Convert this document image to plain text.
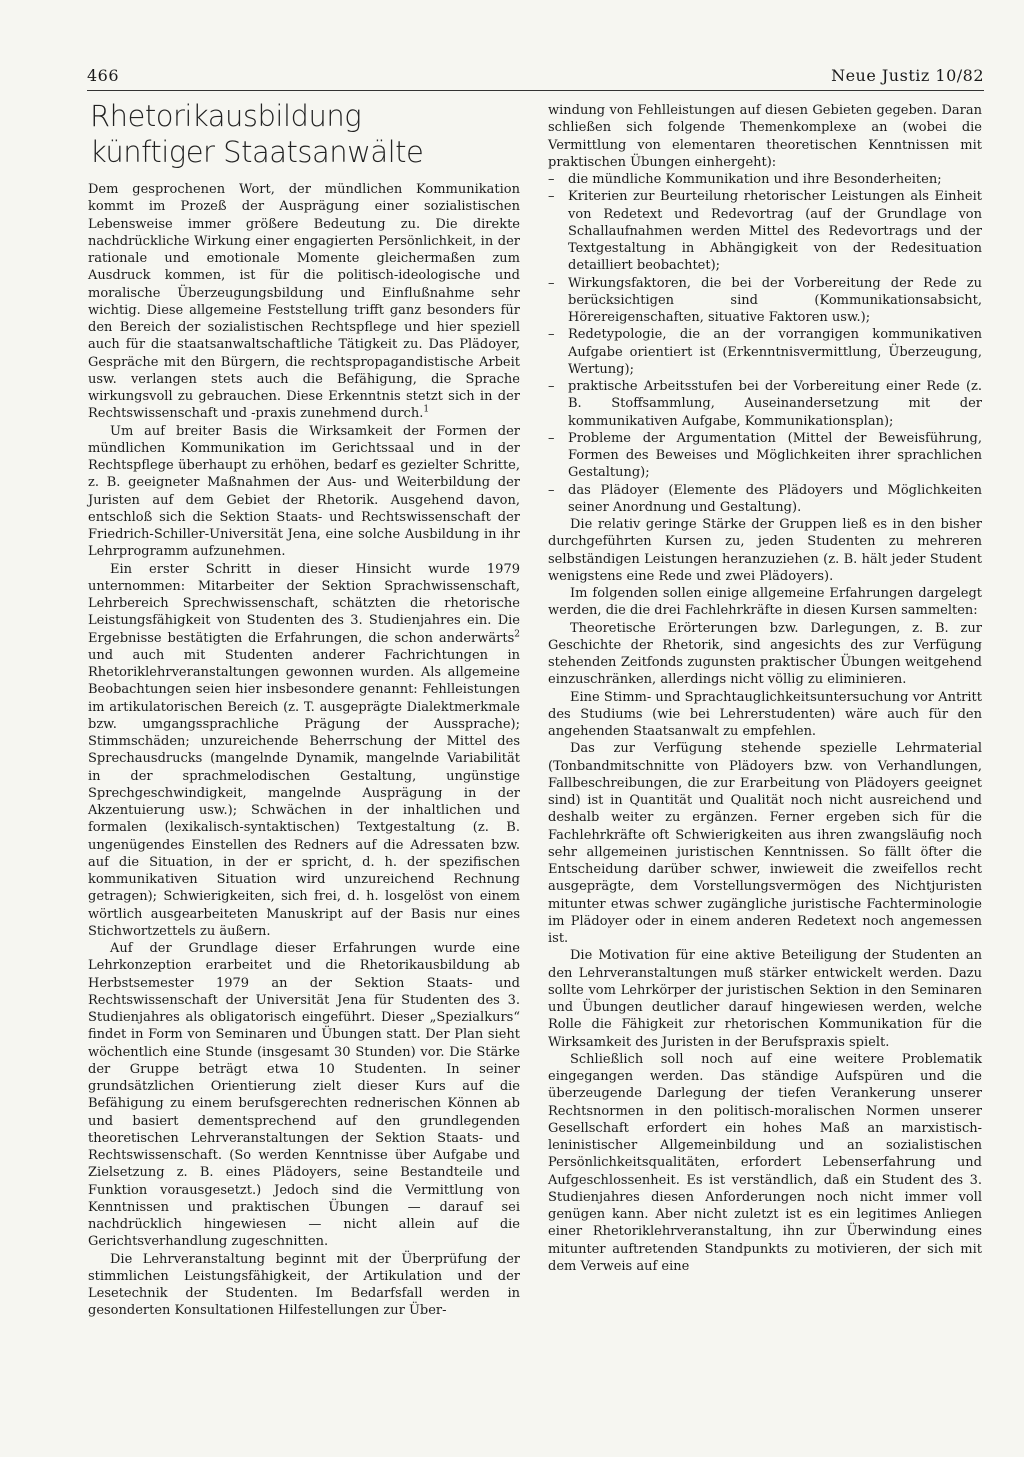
466	Neue Justiz 10/82
Rhetorikausbildung
künftiger Staatsanwälte

Dem gesprochenen Wort, der mündlichen Kommunikation kommt im Prozeß der Ausprägung einer sozialistischen Lebensweise immer größere Bedeutung zu. Die direkte nachdrückliche Wirkung einer engagierten Persönlichkeit, in der rationale und emotionale Momente gleichermaßen zum Ausdruck kommen, ist für die politisch-ideologische und moralische Überzeugungsbildung und Einflußnahme sehr wichtig. Diese allgemeine Feststellung trifft ganz besonders für den Bereich der sozialistischen Rechtspflege und hier speziell auch für die staatsanwaltschaftliche Tätigkeit zu. Das Plädoyer, Gespräche mit den Bürgern, die rechtspropagandistische Arbeit usw. verlangen stets auch die Befähigung, die Sprache wirkungsvoll zu gebrauchen. Diese Erkenntnis stetzt sich in der Rechtswissenschaft und -praxis zunehmend durch.$^1$

Um auf breiter Basis die Wirksamkeit der Formen der mündlichen Kommunikation im Gerichtssaal und in der Rechtspflege überhaupt zu erhöhen, bedarf es gezielter Schritte, z. B. geeigneter Maßnahmen der Aus- und Weiterbildung der Juristen auf dem Gebiet der Rhetorik. Ausgehend davon, entschloß sich die Sektion Staats- und Rechtswissenschaft der Friedrich-Schiller-Universität Jena, eine solche Ausbildung in ihr Lehrprogramm aufzunehmen.

Ein erster Schritt in dieser Hinsicht wurde 1979 unternommen: Mitarbeiter der Sektion Sprachwissenschaft, Lehrbereich Sprechwissenschaft, schätzten die rhetorische Leistungsfähigkeit von Studenten des 3. Studienjahres ein. Die Ergebnisse bestätigten die Erfahrungen, die schon anderwärts$^2$ und auch mit Studenten anderer Fachrichtungen in Rhetoriklehrveranstaltungen gewonnen wurden. Als allgemeine Beobachtungen seien hier insbesondere genannt: Fehlleistungen im artikulatorischen Bereich (z. T. ausgeprägte Dialektmerkmale bzw. umgangssprachliche Prägung der Aussprache); Stimmschäden; unzureichende Beherrschung der Mittel des Sprechausdrucks (mangelnde Dynamik, mangelnde Variabilität in der sprachmelodischen Gestaltung, ungünstige Sprechgeschwindigkeit, mangelnde Ausprägung in der Akzentuierung usw.); Schwächen in der inhaltlichen und formalen (lexikalisch-syntaktischen) Textgestaltung (z. B. ungenügendes Einstellen des Redners auf die Adressaten bzw. auf die Situation, in der er spricht, d. h. der spezifischen kommunikativen Situation wird unzureichend Rechnung getragen); Schwierigkeiten, sich frei, d. h. losgelöst von einem wörtlich ausgearbeiteten Manuskript auf der Basis nur eines Stichwortzettels zu äußern.

Auf der Grundlage dieser Erfahrungen wurde eine Lehrkonzeption erarbeitet und die Rhetorikausbildung ab Herbstsemester 1979 an der Sektion Staats- und Rechtswissenschaft der Universität Jena für Studenten des 3. Studienjahres als obligatorisch eingeführt. Dieser „Spezialkurs“ findet in Form von Seminaren und Übungen statt. Der Plan sieht wöchentlich eine Stunde (insgesamt 30 Stunden) vor. Die Stärke der Gruppe beträgt etwa 10 Studenten. In seiner grundsätzlichen Orientierung zielt dieser Kurs auf die Befähigung zu einem berufsgerechten rednerischen Können ab und basiert dementsprechend auf den grundlegenden theoretischen Lehrveranstaltungen der Sektion Staats- und Rechtswissenschaft. (So werden Kenntnisse über Aufgabe und Zielsetzung z. B. eines Plädoyers, seine Bestandteile und Funktion vorausgesetzt.) Jedoch sind die Vermittlung von Kenntnissen und praktischen Übungen — darauf sei nachdrücklich hingewiesen — nicht allein auf die Gerichtsverhandlung zugeschnitten.

Die Lehrveranstaltung beginnt mit der Überprüfung der stimmlichen Leistungsfähigkeit, der Artikulation und der Lesetechnik der Studenten. Im Bedarfsfall werden in gesonderten Konsultationen Hilfestellungen zur Über-

windung von Fehlleistungen auf diesen Gebieten gegeben. Daran schließen sich folgende Themenkomplexe an (wobei die Vermittlung von elementaren theoretischen Kenntnissen mit praktischen Übungen einhergeht):

– die mündliche Kommunikation und ihre Besonderheiten;
– Kriterien zur Beurteilung rhetorischer Leistungen als Einheit von Redetext und Redevortrag (auf der Grundlage von Schallaufnahmen werden Mittel des Redevortrags und der Textgestaltung in Abhängigkeit von der Redesituation detailliert beobachtet);
– Wirkungsfaktoren, die bei der Vorbereitung der Rede zu berücksichtigen sind (Kommunikationsabsicht, Hörereigenschaften, situative Faktoren usw.);
– Redetypologie, die an der vorrangigen kommunikativen Aufgabe orientiert ist (Erkenntnisvermittlung, Überzeugung, Wertung);
– praktische Arbeitsstufen bei der Vorbereitung einer Rede (z. B. Stoffsammlung, Auseinandersetzung mit der kommunikativen Aufgabe, Kommunikationsplan);
– Probleme der Argumentation (Mittel der Beweisführung, Formen des Beweises und Möglichkeiten ihrer sprachlichen Gestaltung);
– das Plädoyer (Elemente des Plädoyers und Möglichkeiten seiner Anordnung und Gestaltung).

Die relativ geringe Stärke der Gruppen ließ es in den bisher durchgeführten Kursen zu, jeden Studenten zu mehreren selbständigen Leistungen heranzuziehen (z. B. hält jeder Student wenigstens eine Rede und zwei Plädoyers).

Im folgenden sollen einige allgemeine Erfahrungen dargelegt werden, die die drei Fachlehrkräfte in diesen Kursen sammelten:

Theoretische Erörterungen bzw. Darlegungen, z. B. zur Geschichte der Rhetorik, sind angesichts des zur Verfügung stehenden Zeitfonds zugunsten praktischer Übungen weitgehend einzuschränken, allerdings nicht völlig zu eliminieren.

Eine Stimm- und Sprachtauglichkeitsuntersuchung vor Antritt des Studiums (wie bei Lehrerstudenten) wäre auch für den angehenden Staatsanwalt zu empfehlen.

Das zur Verfügung stehende spezielle Lehrmaterial (Tonbandmitschnitte von Plädoyers bzw. von Verhandlungen, Fallbeschreibungen, die zur Erarbeitung von Plädoyers geeignet sind) ist in Quantität und Qualität noch nicht ausreichend und deshalb weiter zu ergänzen. Ferner ergeben sich für die Fachlehrkräfte oft Schwierigkeiten aus ihren zwangsläufig noch sehr allgemeinen juristischen Kenntnissen. So fällt öfter die Entscheidung darüber schwer, inwieweit die zweifellos recht ausgeprägte, dem Vorstellungsvermögen des Nichtjuristen mitunter etwas schwer zugängliche juristische Fachterminologie im Plädoyer oder in einem anderen Redetext noch angemessen ist.

Die Motivation für eine aktive Beteiligung der Studenten an den Lehrveranstaltungen muß stärker entwickelt werden. Dazu sollte vom Lehrkörper der juristischen Sektion in den Seminaren und Übungen deutlicher darauf hingewiesen werden, welche Rolle die Fähigkeit zur rhetorischen Kommunikation für die Wirksamkeit des Juristen in der Berufspraxis spielt.

Schließlich soll noch auf eine weitere Problematik eingegangen werden. Das ständige Aufspüren und die überzeugende Darlegung der tiefen Verankerung unserer Rechtsnormen in den politisch-moralischen Normen unserer Gesellschaft erfordert ein hohes Maß an marxistisch-leninistischer Allgemeinbildung und an sozialistischen Persönlichkeitsqualitäten, erfordert Lebenserfahrung und Aufgeschlossenheit. Es ist verständlich, daß ein Student des 3. Studienjahres diesen Anforderungen noch nicht immer voll genügen kann. Aber nicht zuletzt ist es ein legitimes Anliegen einer Rhetoriklehrveranstaltung, ihn zur Überwindung eines mitunter auftretenden Standpunkts zu motivieren, der sich mit dem Verweis auf eine
